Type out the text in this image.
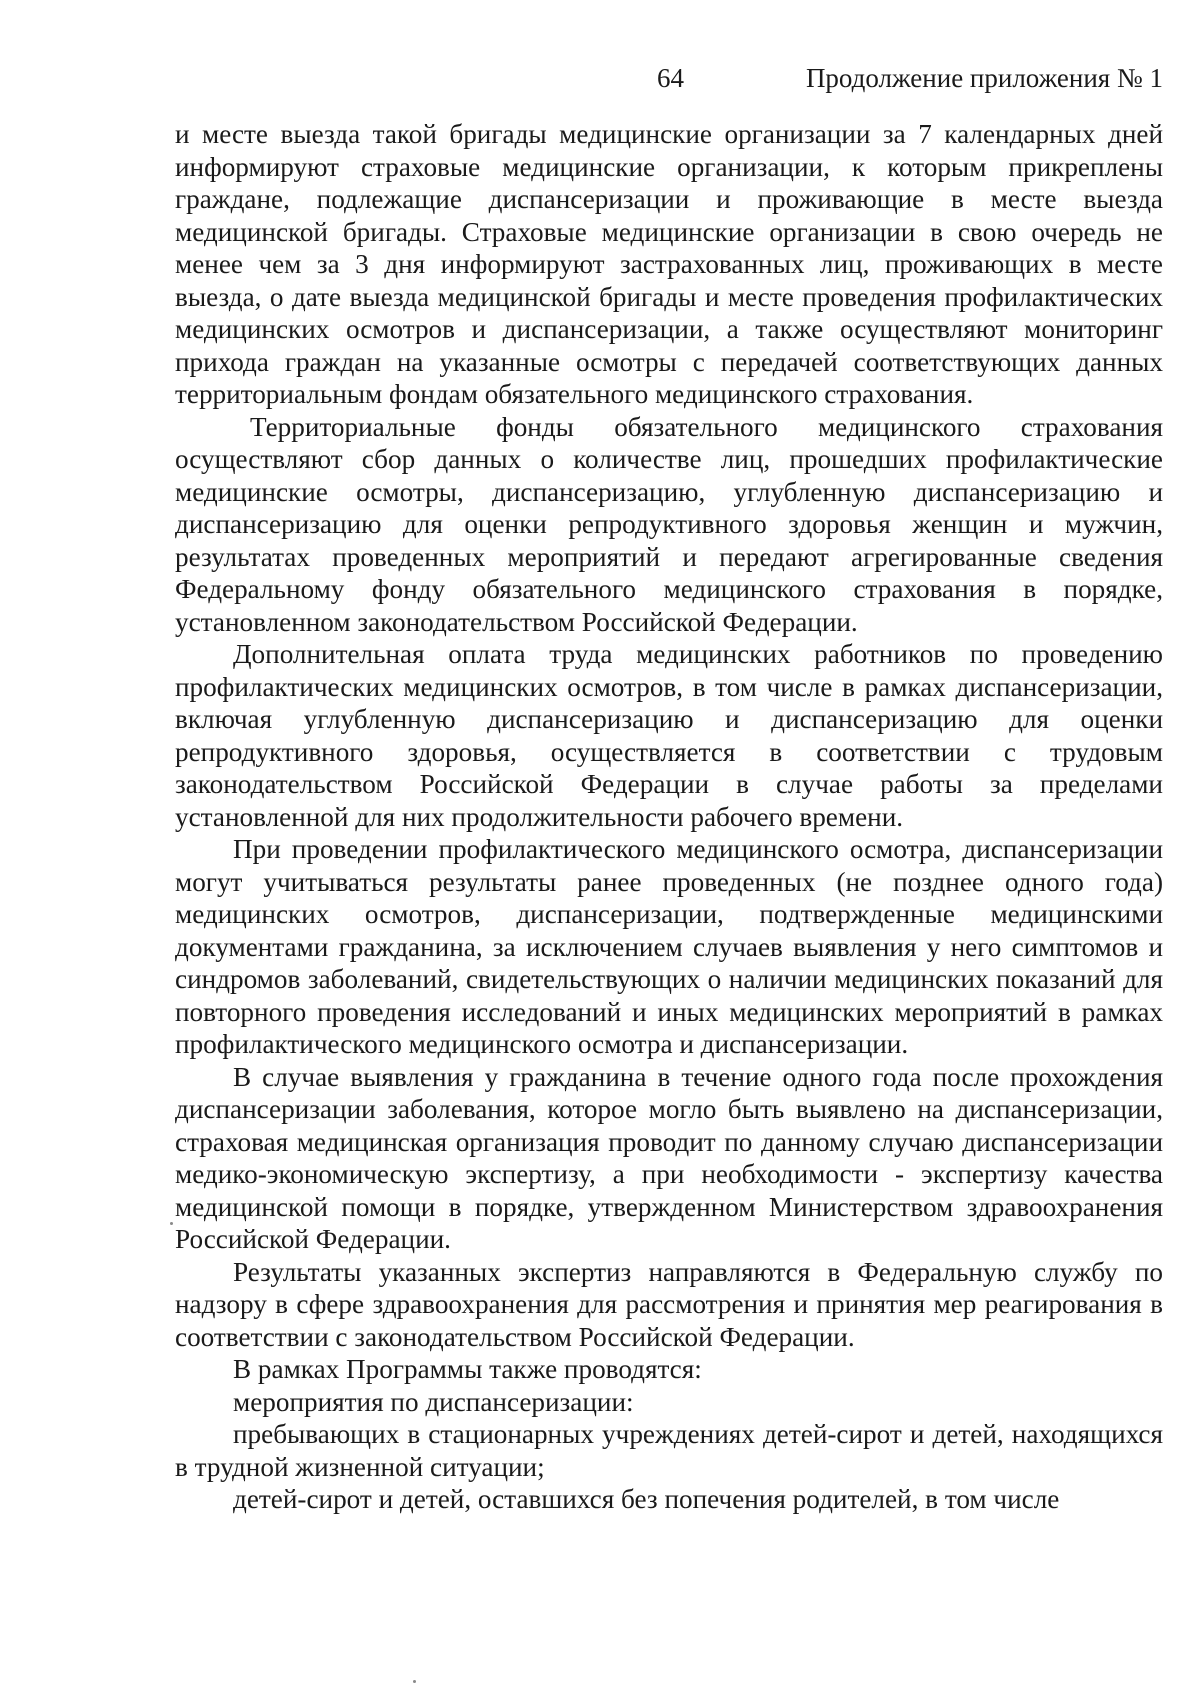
64	Продолжение приложения № 1

и месте выезда такой бригады медицинские организации за 7 календарных дней информируют страховые медицинские организации, к которым прикреплены граждане, подлежащие диспансеризации и проживающие в месте выезда медицинской бригады. Страховые медицинские организации в свою очередь не менее чем за 3 дня информируют застрахованных лиц, проживающих в месте выезда, о дате выезда медицинской бригады и месте проведения профилактических медицинских осмотров и диспансеризации, а также осуществляют мониторинг прихода граждан на указанные осмотры с передачей соответствующих данных территориальным фондам обязательного медицинского страхования.

Территориальные фонды обязательного медицинского страхования осуществляют сбор данных о количестве лиц, прошедших профилактические медицинские осмотры, диспансеризацию, углубленную диспансеризацию и диспансеризацию для оценки репродуктивного здоровья женщин и мужчин, результатах проведенных мероприятий и передают агрегированные сведения Федеральному фонду обязательного медицинского страхования в порядке, установленном законодательством Российской Федерации.

Дополнительная оплата труда медицинских работников по проведению профилактических медицинских осмотров, в том числе в рамках диспансеризации, включая углубленную диспансеризацию и диспансеризацию для оценки репродуктивного здоровья, осуществляется в соответствии с трудовым законодательством Российской Федерации в случае работы за пределами установленной для них продолжительности рабочего времени.

При проведении профилактического медицинского осмотра, диспансеризации могут учитываться результаты ранее проведенных (не позднее одного года) медицинских осмотров, диспансеризации, подтвержденные медицинскими документами гражданина, за исключением случаев выявления у него симптомов и синдромов заболеваний, свидетельствующих о наличии медицинских показаний для повторного проведения исследований и иных медицинских мероприятий в рамках профилактического медицинского осмотра и диспансеризации.

В случае выявления у гражданина в течение одного года после прохождения диспансеризации заболевания, которое могло быть выявлено на диспансеризации, страховая медицинская организация проводит по данному случаю диспансеризации медико-экономическую экспертизу, а при необходимости - экспертизу качества медицинской помощи в порядке, утвержденном Министерством здравоохранения Российской Федерации.

Результаты указанных экспертиз направляются в Федеральную службу по надзору в сфере здравоохранения для рассмотрения и принятия мер реагирования в соответствии с законодательством Российской Федерации.

В рамках Программы также проводятся:

мероприятия по диспансеризации:

пребывающих в стационарных учреждениях детей-сирот и детей, находящихся в трудной жизненной ситуации;

детей-сирот и детей, оставшихся без попечения родителей, в том числе
